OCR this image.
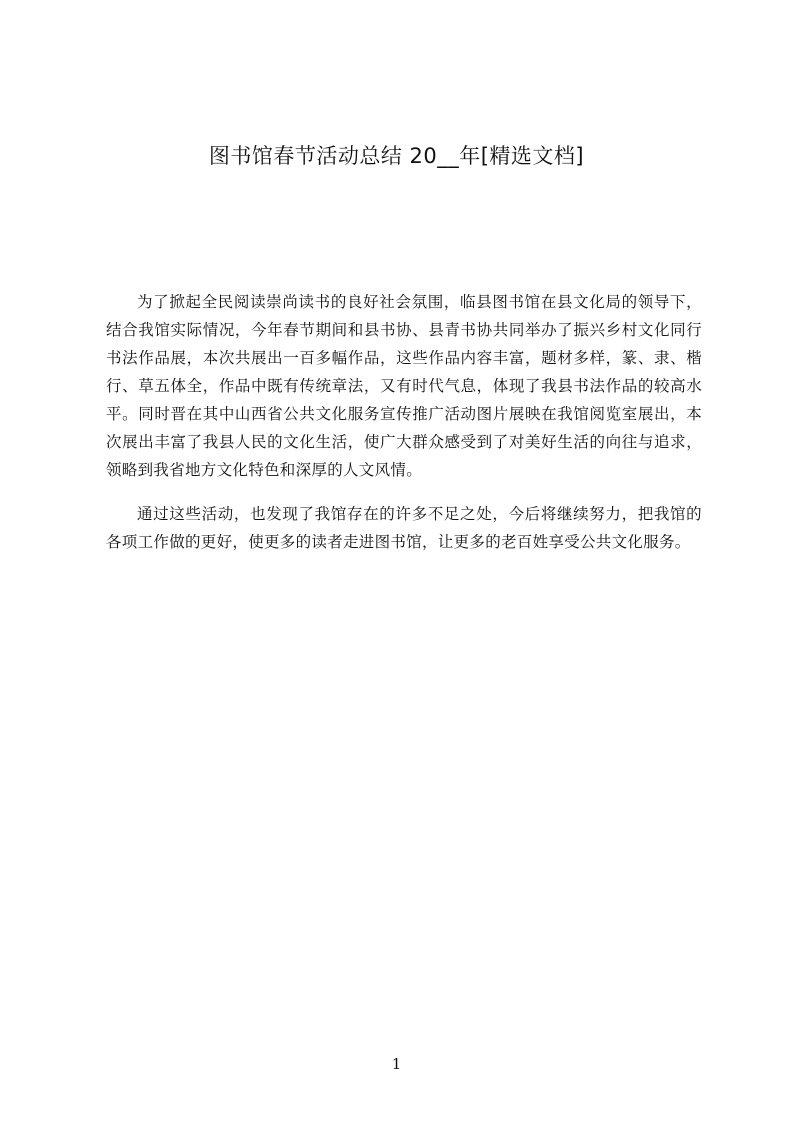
图书馆春节活动总结 20__年[精选文档]

为了掀起全民阅读崇尚读书的良好社会氛围，临县图书馆在县文化局的领导下，结合我馆实际情况，今年春节期间和县书协、县青书协共同举办了振兴乡村文化同行书法作品展，本次共展出一百多幅作品，这些作品内容丰富，题材多样，篆、隶、楷行、草五体全，作品中既有传统章法，又有时代气息，体现了我县书法作品的较高水平。同时晋在其中山西省公共文化服务宣传推广活动图片展映在我馆阅览室展出，本次展出丰富了我县人民的文化生活，使广大群众感受到了对美好生活的向往与追求，领略到我省地方文化特色和深厚的人文风情。

通过这些活动，也发现了我馆存在的许多不足之处，今后将继续努力，把我馆的各项工作做的更好，使更多的读者走进图书馆，让更多的老百姓享受公共文化服务。

1
